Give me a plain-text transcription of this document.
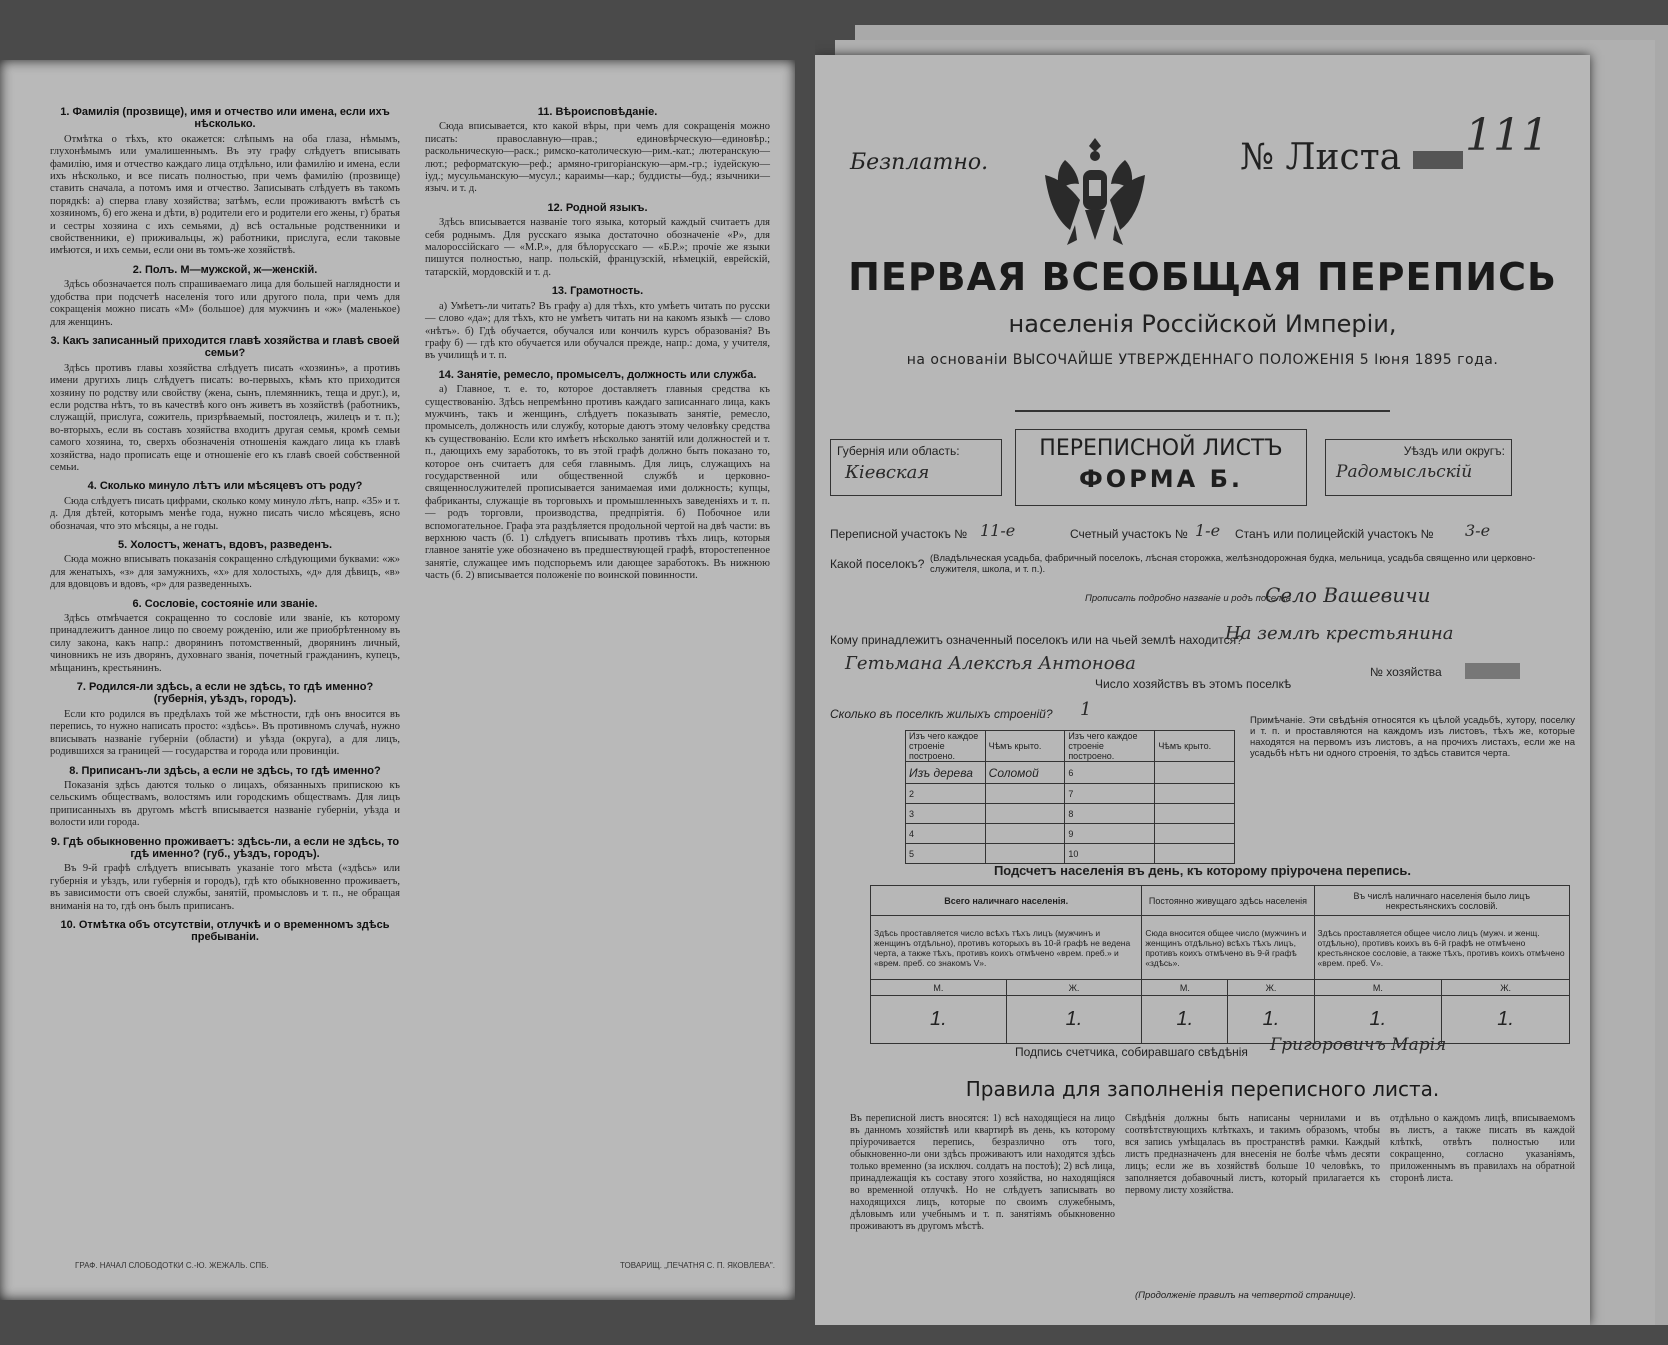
1. Фамилія (прозвище), имя и отчество или имена, если ихъ нѣсколько.

Отмѣтка о тѣхъ, кто окажется: слѣпымъ на оба глаза, нѣмымъ, глухонѣмымъ или умалишеннымъ. Въ эту графу слѣдуетъ вписывать фамилію, имя и отчество каждаго лица отдѣльно, или фамилію и имена, если ихъ нѣсколько, и все писать полностью, при чемъ фамилію (прозвище) ставить сначала, а потомъ имя и отчество. Записывать слѣдуетъ въ такомъ порядкѣ: а) сперва главу хозяйства; затѣмъ, если проживаютъ вмѣстѣ съ хозяиномъ, б) его жена и дѣти, в) родители его и родители его жены, г) братья и сестры хозяина с ихъ семьями, д) всѣ остальные родственники и свойственники, е) приживальцы, ж) работники, прислуга, если таковые имѣются, и ихъ семьи, если они въ томъ-же хозяйствѣ.

2. Полъ. М—мужской, ж—женскій.

Здѣсь обозначается полъ спрашиваемаго лица для большей наглядности и удобства при подсчетѣ населенія того или другого пола, при чемъ для сокращенія можно писать «М» (большое) для мужчинъ и «ж» (маленькое) для женщинъ.

3. Какъ записанный приходится главѣ хозяйства и главѣ своей семьи?

Здѣсь противъ главы хозяйства слѣдуетъ писать «хозяинъ», а противъ имени другихъ лицъ слѣдуетъ писать: во-первыхъ, кѣмъ кто приходится хозяину по родству или свойству (жена, сынъ, племянникъ, теща и друг.), и, если родства нѣтъ, то въ качествѣ кого онъ живетъ въ хозяйствѣ (работникъ, служащій, прислуга, сожитель, призрѣваемый, постоялецъ, жилецъ и т. п.); во-вторыхъ, если въ составъ хозяйства входитъ другая семья, кромѣ семьи самого хозяина, то, сверхъ обозначенія отношенія каждаго лица къ главѣ хозяйства, надо прописать еще и отношеніе его къ главѣ своей собственной семьи.

4. Сколько минуло лѣтъ или мѣсяцевъ отъ роду?

Сюда слѣдуетъ писать цифрами, сколько кому минуло лѣтъ, напр. «35» и т. д. Для дѣтей, которымъ менѣе года, нужно писать число мѣсяцевъ, ясно обозначая, что это мѣсяцы, а не годы.

5. Холостъ, женатъ, вдовъ, разведенъ.

Сюда можно вписывать показанія сокращенно слѣдующими буквами: «ж» для женатыхъ, «з» для замужнихъ, «х» для холостыхъ, «д» для дѣвицъ, «в» для вдовцовъ и вдовъ, «р» для разведенныхъ.

6. Сословіе, состояніе или званіе.

Здѣсь отмѣчается сокращенно то сословіе или званіе, къ которому принадлежитъ данное лицо по своему рожденію, или же приобрѣтенному въ силу закона, какъ напр.: дворянинъ потомственный, дворянинъ личный, чиновникъ не изъ дворянъ, духовнаго званія, почетный гражданинъ, купецъ, мѣщанинъ, крестьянинъ.

7. Родился-ли здѣсь, а если не здѣсь, то гдѣ именно? (губернія, уѣздъ, городъ).

Если кто родился въ предѣлахъ той же мѣстности, гдѣ онъ вносится въ перепись, то нужно написать просто: «здѣсь». Въ противномъ случаѣ, нужно вписывать названіе губерніи (области) и уѣзда (округа), а для лицъ, родившихся за границей — государства и города или провинціи.

8. Приписанъ-ли здѣсь, а если не здѣсь, то гдѣ именно?

Показанія здѣсь даются только о лицахъ, обязанныхъ припискою къ сельскимъ обществамъ, волостямъ или городскимъ обществамъ. Для лицъ приписанныхъ въ другомъ мѣстѣ вписывается названіе губерніи, уѣзда и волости или города.

9. Гдѣ обыкновенно проживаетъ: здѣсь-ли, а если не здѣсь, то гдѣ именно? (губ., уѣздъ, городъ).

Въ 9-й графѣ слѣдуетъ вписывать указаніе того мѣста («здѣсь» или губернія и уѣздъ, или губернія и городъ), гдѣ кто обыкновенно проживаетъ, въ зависимости отъ своей службы, занятій, промысловъ и т. п., не обращая вниманія на то, гдѣ онъ былъ приписанъ.

10. Отмѣтка объ отсутствіи, отлучкѣ и о временномъ здѣсь пребываніи.
11. Вѣроисповѣданіе.

Сюда вписывается, кто какой вѣры, при чемъ для сокращенія можно писать: православную—прав.; единовѣрческую—единовѣр.; раскольническую—раск.; римско-католическую—рим.-кат.; лютеранскую—лют.; реформатскую—реф.; армяно-григоріанскую—арм.-гр.; іудейскую—іуд.; мусульманскую—мусул.; караимы—кар.; буддисты—буд.; язычники—языч. и т. д.

12. Родной языкъ.

Здѣсь вписывается названіе того языка, который каждый считаетъ для себя роднымъ. Для русскаго языка достаточно обозначеніе «Р», для малороссійскаго — «М.Р.», для бѣлорусскаго — «Б.Р.»; прочіе же языки пишутся полностью, напр. польскій, французскій, нѣмецкій, еврейскій, татарскій, мордовскій и т. д.

13. Грамотность.

а) Умѣетъ-ли читать? Въ графу а) для тѣхъ, кто умѣетъ читать по русски — слово «да»; для тѣхъ, кто не умѣетъ читать ни на какомъ языкѣ — слово «нѣтъ». б) Гдѣ обучается, обучался или кончилъ курсъ образованія? Въ графу б) — гдѣ кто обучается или обучался прежде, напр.: дома, у учителя, въ училищѣ и т. п.

14. Занятіе, ремесло, промыселъ, должность или служба.

а) Главное, т. е. то, которое доставляетъ главныя средства къ существованію. Здѣсь непремѣнно противъ каждаго записаннаго лица, какъ мужчинъ, такъ и женщинъ, слѣдуетъ показывать занятіе, ремесло, промыселъ, должность или службу, которые даютъ этому человѣку средства къ существованію. Если кто имѣетъ нѣсколько занятій или должностей и т. п., дающихъ ему заработокъ, то въ этой графѣ должно быть показано то, которое онъ считаетъ для себя главнымъ. Для лицъ, служащихъ на государственной или общественной службѣ и церковно-священнослужителей прописывается занимаемая ими должность; купцы, фабриканты, служащіе въ торговыхъ и промышленныхъ заведеніяхъ и т. п. — родъ торговли, производства, предпріятія. б) Побочное или вспомогательное. Графа эта раздѣляется продольной чертой на двѣ части: въ верхнюю часть (б. 1) слѣдуетъ вписывать противъ тѣхъ лицъ, которыя главное занятіе уже обозначено въ предшествующей графѣ, второстепенное занятіе, служащее имъ подспорьемъ или дающее заработокъ. Въ нижнюю часть (б. 2) вписывается положеніе по воинской повинности.

ГРАФ. НАЧАЛ СЛОБОДОТКИ С.-Ю. ЖЕЖАЛЬ. СПБ.	ТОВАРИЩ. „ПЕЧАТНЯ С. П. ЯКОВЛЕВА".
Безплатно.	№ Листа	111
ПЕРВАЯ ВСЕОБЩАЯ ПЕРЕПИСЬ
населенія Россійской Имперіи,
на основаніи ВЫСОЧАЙШЕ УТВЕРЖДЕННАГО ПОЛОЖЕНІЯ 5 Іюня 1895 года.
Губернія или область:
Кіевская
ПЕРЕПИСНОЙ ЛИСТЪ
ФОРМА Б.
Уѣздъ или округъ:
Радомысльскій
Переписной участокъ № 11-е	Счетный участокъ № 1-е Станъ или полицейскій участокъ № 3-е
Какой поселокъ? (Владѣльческая усадьба, фабричный поселокъ, лѣсная сторожка, желѣзнодорожная будка, мельница, усадьба священно или церковно-служителя, школа, и т. п.).
Прописать подробно названіе и родъ поселка
Село Вашевичи
Кому принадлежитъ означенный поселокъ или на чьей землѣ находится?
На землѣ крестьянина
Гетьмана Алексѣя Антонова	№ хозяйства
Число хозяйствъ въ этомъ поселкѣ
Сколько въ поселкѣ жилыхъ строеній? 1
Изъ чего каждое строеніе построено.	Чѣмъ крыто.	Изъ чего каждое строеніе построено.	Чѣмъ крыто.
Изъ дерева	Соломой	6	
2		7	
3		8	
4		9	
5		10	
Примѣчаніе. Эти свѣдѣнія относятся къ цѣлой усадьбѣ, хутору, поселку и т. п. и проставляются на каждомъ изъ листовъ, тѣхъ же, которые находятся на первомъ изъ листовъ, а на прочихъ листахъ, если же на усадьбѣ нѣтъ ни одного строенія, то здѣсь ставится черта.
Подсчетъ населенія въ день, къ которому пріурочена перепись.
Всего наличнаго населенія.		Постоянно живущаго здѣсь населенія		Въ числѣ наличнаго населенія было лицъ некрестьянскихъ сословій.	
Здѣсь проставляется число всѣхъ тѣхъ лицъ (мужчинъ и женщинъ отдѣльно), противъ которыхъ въ 10-й графѣ не ведена черта, а также тѣхъ, противъ коихъ отмѣчено «врем. преб.» и «врем. преб. со знакомъ V».		Сюда вносится общее число (мужчинъ и женщинъ отдѣльно) всѣхъ тѣхъ лицъ, противъ коихъ отмѣчено въ 9-й графѣ «здѣсь».		Здѣсь проставляется общее число лицъ (мужч. и женщ. отдѣльно), противъ коихъ въ 6-й графѣ не отмѣчено крестьянское сословіе, а также тѣхъ, противъ коихъ отмѣчено «врем. преб. V».	
М.	Ж.	М.	Ж.	М.	Ж.
1.	1.	1.	1.	1.	1.
Подпись счетчика, собиравшаго свѣдѣнія Григоровичъ Марія
Правила для заполненія переписного листа.
Въ переписной листъ вносятся: 1) всѣ находящіеся на лицо въ данномъ хозяйствѣ или квартирѣ въ день, къ которому пріурочивается перепись, безразлично отъ того, обыкновенно-ли они здѣсь проживаютъ или находятся здѣсь только временно (за исключ. солдатъ на постоѣ); 2) всѣ лица, принадлежащія къ составу этого хозяйства, но находящіяся во временной отлучкѣ. Но не слѣдуетъ записывать во находящихся лицъ, которые по своимъ служебнымъ, дѣловымъ или учебнымъ и т. п. занятіямъ обыкновенно проживаютъ въ другомъ мѣстѣ.
Свѣдѣнія должны быть написаны чернилами и въ соотвѣтствующихъ клѣткахъ, и такимъ образомъ, чтобы вся запись умѣщалась въ пространствѣ рамки. Каждый листъ предназначенъ для внесенія не болѣе чѣмъ десяти лицъ; если же въ хозяйствѣ больше 10 человѣкъ, то заполняется добавочный листъ, который прилагается къ первому листу хозяйства.
отдѣльно о каждомъ лицѣ, вписываемомъ въ листъ, а также писать въ каждой клѣткѣ, отвѣтъ полностью или сокращенно, согласно указаніямъ, приложеннымъ въ правилахъ на обратной сторонѣ листа.
(Продолженіе правилъ на четвертой странице).
